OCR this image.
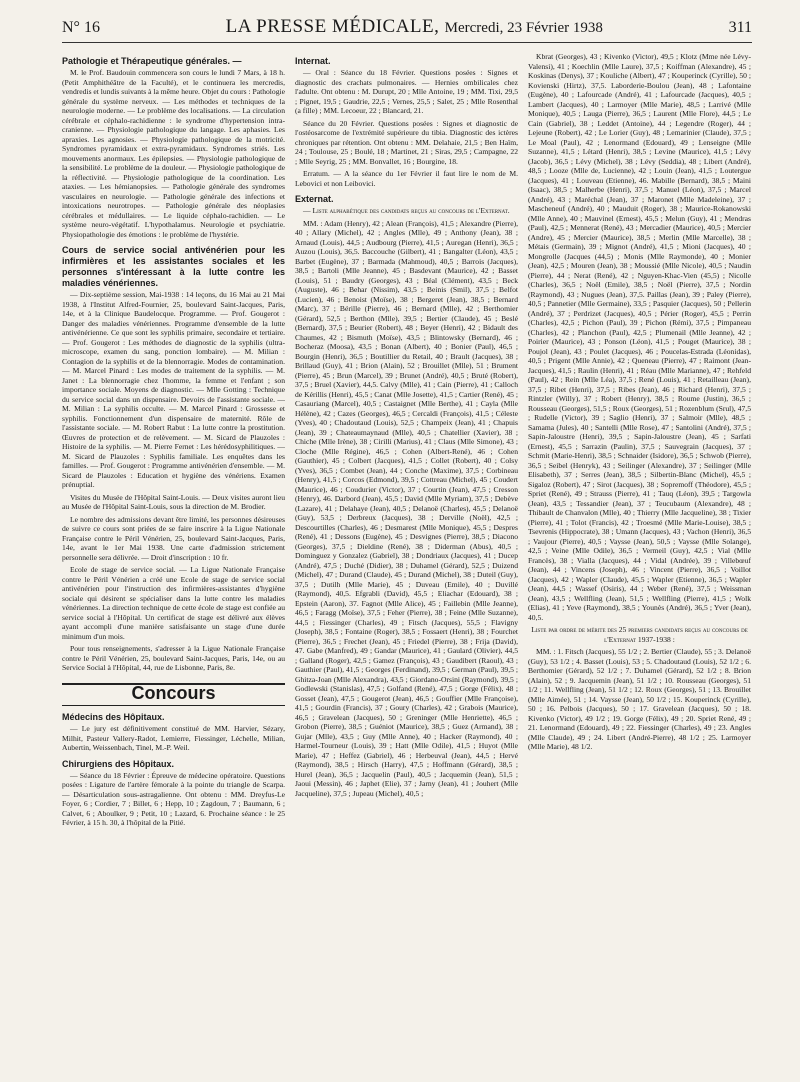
N° 16	LA PRESSE MÉDICALE, Mercredi, 23 Février 1938	311
Pathologie et Thérapeutique générales. —

M. le Prof. Baudouin commencera son cours le lundi 7 Mars, à 18 h. (Petit Amphithéâtre de la Faculté), et le continuera les mercredis, vendredis et lundis suivants à la même heure. Objet du cours : Pathologie générale du système nerveux. — Les méthodes et techniques de la neurologie moderne. — Le problème des localisations. — La circulation cérébrale et céphalo-rachidienne : le syndrome d'hypertension intra-cranienne. — Physiologie pathologique du langage. Les aphasies. Les apraxies. Les agnosies. — Physiologie pathologique de la motricité. Syndromes pyramidaux et extra-pyramidaux. Syndromes striés. Les mouvements anormaux. Les épilepsies. — Physiologie pathologique de la sensibilité. Le problème de la douleur. — Physiologie pathologique de la réflectivité. — Physiologie pathologique de la coordination. Les ataxies. — Les hémianopsies. — Pathologie générale des syndromes vasculaires en neurologie. — Pathologie générale des infections et intoxications neurotropes. — Pathologie générale des néoplasies cérébrales et médullaires. — Le liquide céphalo-rachidien. — Le système neuro-végétatif. L'hypothalamus. Neurologie et psychiatrie. Physiopathologie des émotions : le problème de l'hystérie.

Cours de service social antivénérien pour les infirmières et les assistantes sociales et les personnes s'intéressant à la lutte contre les maladies vénériennes.

— Dix-septième session, Mai-1938 : 14 leçons, du 16 Mai au 21 Mai 1938, à l'Institut Alfred-Fournier, 25, boulevard Saint-Jacques, Paris, 14e, et à la Clinique Baudelocque. Programme. — Prof. Gougerot : Danger des maladies vénériennes. Programme d'ensemble de la lutte antivénérienne. Ce que sont les syphilis primaire, secondaire et tertiaire. — Prof. Gougerot : Les méthodes de diagnostic de la syphilis (ultra-microscope, examen du sang, ponction lombaire). — M. Milian : Contagion de la syphilis et de la blennorragie. Modes de contamination. — M. Marcel Pinard : Les modes de traitement de la syphilis. — M. Janet : La blennorragie chez l'homme, la femme et l'enfant ; son importance sociale. Moyens de diagnostic. — Mlle Gotting : Technique du service social dans un dispensaire. Devoirs de l'assistante sociale. — M. Milian : La syphilis occulte. — M. Marcel Pinard : Grossesse et syphilis. Fonctionnement d'un dispensaire de maternité. Rôle de l'assistante sociale. — M. Robert Rabut : La lutte contre la prostitution. Œuvres de protection et de relèvement. — M. Sicard de Plauzoles : Histoire de la syphilis. — M. Pierre Fernet : Les hérédosyphilitiques. — M. Sicard de Plauzoles : Syphilis familiale. Les enquêtes dans les familles. — Prof. Gougerot : Programme antivénérien d'ensemble. — M. Sicard de Plauzoles : Education et hygiène des vénériens. Examen prénuptial.

Visites du Musée de l'Hôpital Saint-Louis. — Deux visites auront lieu au Musée de l'Hôpital Saint-Louis, sous la direction de M. Brodier.

Le nombre des admissions devant être limité, les personnes désireuses de suivre ce cours sont priées de se faire inscrire à la Ligue Nationale Française contre le Péril Vénérien, 25, boulevard Saint-Jacques, Paris, 14e, avant le 1er Mai 1938. Une carte d'admission strictement personnelle sera délivrée. — Droit d'inscription : 10 fr.

Ecole de stage de service social. — La Ligue Nationale Française contre le Péril Vénérien a créé une Ecole de stage de service social antivénérien pour l'instruction des infirmières-assistantes d'hygiène sociale qui désirent se spécialiser dans la lutte contre les maladies vénériennes. La direction technique de cette école de stage est confiée au service social à l'Hôpital. Un certificat de stage est délivré aux élèves ayant accompli d'une manière satisfaisante un stage d'une durée minimum d'un mois.

Pour tous renseignements, s'adresser à la Ligue Nationale Française contre le Péril Vénérien, 25, boulevard Saint-Jacques, Paris, 14e, ou au Service Social à l'Hôpital, 44, rue de Lisbonne, Paris, 8e.

Concours
Médecins des Hôpitaux.

— Le jury est définitivement constitué de MM. Harvier, Sézary, Milhit, Pasteur Vallery-Radot, Lemierre, Fiessinger, Léchelle, Milian, Aubertin, Weissenbach, Tinel, M.-P. Weil.

Chirurgiens des Hôpitaux.

— Séance du 18 Février : Épreuve de médecine opératoire. Questions posées : Ligature de l'artère fémorale à la pointe du triangle de Scarpa. — Désarticulation sous-astragalienne. Ont obtenu : MM. Dreyfus-Le Foyer, 6 ; Cordier, 7 ; Billet, 6 ; Hepp, 10 ; Zagdoun, 7 ; Baumann, 6 ; Calvet, 6 ; Aboulker, 9 ; Petit, 10 ; Lazard, 6. Prochaine séance : le 25 Février, à 15 h. 30, à l'hôpital de la Pitié.

Internat.

— Oral : Séance du 18 Février. Questions posées : Signes et diagnostic des crachats pulmonaires. — Hernies ombilicales chez l'adulte. Ont obtenu : M. Durupt, 20 ; Mlle Antoine, 19 ; MM. Tixi, 29,5 ; Pignet, 19,5 ; Gaudrie, 22,5 ; Vernes, 25,5 ; Salet, 25 ; Mlle Rosenthal (a fille) ; MM. Lecoeur, 22 ; Blancard, 21.

Séance du 20 Février. Questions posées : Signes et diagnostic de l'ostéosarcome de l'extrémité supérieure du tibia. Diagnostic des ictères chroniques par rétention. Ont obtenu : MM. Delahaie, 21,5 ; Ben Haïm, 24 ; Toulouse, 25 ; Boulé, 18 ; Martinet, 21 ; Siras, 29,5 ; Campagne, 22 ; Mlle Seyrig, 25 ; MM. Bonvallet, 16 ; Bourgine, 18.

Erratum. — A la séance du 1er Février il faut lire le nom de M. Lebovici et non Leibovici.

Externat.

— Liste alphabétique des candidats reçus au concours de l'Externat.

MM. : Adam (Henry), 42 ; Alean (François), 41,5 ; Alexandre (Pierre), 40 ; Allary (Michel), 42 ; Angles (Mlle), 49 ; Anthony (Jean), 38 ; Arnaud (Louis), 44,5 ; Audbourg (Pierre), 41,5 ; Auregan (Henri), 36,5 ; Auzou (Louis), 36,5. Baccouche (Gilbert), 41 ; Bangalter (Léon), 43,5 ; Barbet (Eugène), 37 ; Barmada (Mahmoud), 40,5 ; Barrois (Jacques), 38,5 ; Bartoli (Mlle Jeanne), 45 ; Basdevant (Maurice), 42 ; Basset (Louis), 51 ; Baudry (Georges), 43 ; Béal (Clément), 43,5 ; Beck (Auguste), 46 ; Behar (Nissim), 43,5 ; Beinis (Smil), 37,5 ; Belfot (Lucien), 46 ; Benoist (Moïse), 38 ; Bergeret (Jean), 38,5 ; Bernard (Marc), 37 ; Bérille (Pierre), 46 ; Bernard (Mlle), 42 ; Berthomier (Gérard), 52,5 ; Berthon (Mlle), 39,5 ; Bertier (Claude), 45 ; Beslé (Bernard), 37,5 ; Beurier (Robert), 48 ; Beyer (Henri), 42 ; Bidault des Chaumes, 42 ; Bismuth (Moïse), 43,5 ; Blintowsky (Bernard), 46 ; Bocheraz (Moosa), 43,5 ; Bonan (Albert), 40 ; Bonier (Paul), 46,5 ; Bourgin (Henri), 36,5 ; Boutillier du Retail, 40 ; Brault (Jacques), 38 ; Brillaud (Guy), 41 ; Brion (Alain), 52 ; Brouillet (Mlle), 51 ; Brument (Pierre), 45 ; Brun (Marcel), 39 ; Brunet (André), 40,5 ; Bruté (Robert), 37,5 ; Bruel (Xavier), 44,5. Calvy (Mlle), 41 ; Cain (Pierre), 41 ; Calloch de Kérillis (Henri), 45,5 ; Canat (Mlle Josette), 41,5 ; Cartier (René), 45 ; Casauriang (Marcel), 40,5 ; Castaignet (Mlle Berthe), 41 ; Cayla (Mlle Hélène), 42 ; Cazes (Georges), 46,5 ; Cercaldi (François), 41,5 ; Céleste (Yves), 40 ; Chadoutaud (Louis), 52,5 ; Champeix (Jean), 41 ; Chapuis (Jean), 39 ; Chateaumaynaud (Mlle), 40,5 ; Chatellier (Xavier), 38 ; Chiche (Mlle Irène), 38 ; Cirilli (Marius), 41 ; Claus (Mlle Simone), 43 ; Cloche (Mlle Régine), 46,5 ; Cohen (Albert-René), 46 ; Cohen (Gauthier), 45 ; Colbert (Jacques), 41,5 ; Collet (Robert), 40 ; Colsy (Yves), 36,5 ; Combet (Jean), 44 ; Conche (Maxime), 37,5 ; Corbineau (Henry), 41,5 ; Corcos (Edmond), 39,5 ; Cottreau (Michel), 45 ; Coudert (Maurice), 46 ; Coudurier (Victor), 37 ; Courtin (Jean), 47,5 ; Cresson (Henry), 46. Darbord (Jean), 45,5 ; David (Mlle Myriam), 37,5 ; Debève (Lazare), 41 ; Delahaye (Jean), 40,5 ; Delanoë (Charles), 45,5 ; Delanoë (Guy), 53,5 ; Derbreux (Jacques), 38 ; Derville (Noël), 42,5 ; Descourtilles (Charles), 46 ; Desmarest (Mlle Monique), 45,5 ; Despres (René), 41 ; Dessons (Eugène), 45 ; Desvignes (Pierre), 38,5 ; Diacono (Georges), 37,5 ; Dieldine (René), 38 ; Diderman (Abus), 40,5 ; Dominguez y Gonzalez (Gabriel), 38 ; Dondriaux (Jacques), 41 ; Ducep (André), 47,5 ; Duché (Didier), 38 ; Duhamel (Gérard), 52,5 ; Duizend (Michel), 47 ; Durand (Claude), 45 ; Durand (Michel), 38 ; Duteil (Guy), 37,5 ; Dutilh (Mlle Marie), 45 ; Duveau (Emile), 40 ; Duvillé (Raymond), 40,5. Efgrabli (David), 45,5 ; Eliachar (Edouard), 38 ; Epstein (Aaron), 37. Fagnot (Mlle Alice), 45 ; Faillebin (Mlle Jeanne), 46,5 ; Faragg (Moïse), 37,5 ; Feher (Pierre), 38 ; Feine (Mlle Suzanne), 44,5 ; Fiessinger (Charles), 49 ; Fitsch (Jacques), 55,5 ; Flavigny (Joseph), 38,5 ; Fontaine (Roger), 38,5 ; Fossaert (Henri), 38 ; Fourchet (Pierre), 36,5 ; Frechet (Jean), 45 ; Friedel (Pierre), 38 ; Frija (David), 47. Gabe (Manfred), 49 ; Gandar (Maurice), 41 ; Gaulard (Olivier), 44,5 ; Galland (Roger), 42,5 ; Gamez (François), 43 ; Gaudibert (Raoul), 43 ; Gauthier (Paul), 41,5 ; Georges (Ferdinand), 39,5 ; German (Paul), 39,5 ; Ghitza-Joan (Mlle Alexandra), 43,5 ; Giordano-Orsini (Raymond), 39,5 ; Godlewski (Stanislas), 47,5 ; Golfand (René), 47,5 ; Gorge (Félix), 48 ; Gosset (Jean), 47,5 ; Gougerot (Jean), 46,5 ; Gouffier (Mlle Françoise), 41,5 ; Gourdin (Francis), 37 ; Goury (Charles), 42 ; Grabois (Maurice), 46,5 ; Gravelean (Jacques), 50 ; Greninger (Mlle Henriette), 46,5 ; Grobon (Pierre), 38,5 ; Guéniot (Maurice), 38,5 ; Guez (Armand), 38 ; Gujar (Mlle), 43,5 ; Guy (Mlle Anne), 40 ; Hacker (Raymond), 40 ; Harmel-Tourneur (Louis), 39 ; Hatt (Mlle Odile), 41,5 ; Huyot (Mlle Marie), 47 ; Heffez (Gabriel), 46 ; Herbeuval (Jean), 44,5 ; Hervé (Raymond), 38,5 ; Hirsch (Harry), 47,5 ; Hoffmann (Gérard), 38,5 ; Hurel (Jean), 36,5 ; Jacquelin (Paul), 40,5 ; Jacquemin (Jean), 51,5 ; Jaoui (Messin), 46 ; Japhet (Elie), 37 ; Jarny (Jean), 41 ; Jouhert (Mlle Jacqueline), 37,5 ; Jupeau (Michel), 40,5 ;

Kbrat (Georges), 43 ; Kivenko (Victor), 49,5 ; Klotz (Mme née Lévy-Valensi), 41 ; Koechlin (Mlle Laure), 37,5 ; Koiffman (Alexandre), 45 ; Koskinas (Denys), 37 ; Kouliche (Albert), 47 ; Kouperinck (Cyrille), 50 ; Kovienski (Hirtz), 37,5. Laborderie-Boulou (Jean), 48 ; Lafontaine (Eugène), 40 ; Lafourcade (André), 41 ; Lafourcade (Jacques), 40,5 ; Lambert (Jacques), 40 ; Larmoyer (Mlle Marie), 48,5 ; Larrivé (Mlle Monique), 40,5 ; Lauga (Pierre), 36,5 ; Laurent (Mlle Flore), 44,5 ; Le Cain (Gabriel), 38 ; Leddet (Antoine), 44 ; Legendre (Roger), 44 ; Lejeune (Robert), 42 ; Le Lorier (Guy), 48 ; Lemarinier (Claude), 37,5 ; Le Moal (Paul), 42 ; Lenormand (Edouard), 49 ; Lenseigne (Mlle Suzanne), 41,5 ; Létard (Henri), 38,5 ; Levine (Maurice), 41,5 ; Lévy (Jacob), 36,5 ; Lévy (Michel), 38 ; Lévy (Seddia), 48 ; Libert (André), 48,5 ; Looze (Mlle de, Lucienne), 42 ; Louin (Jean), 41,5 ; Loutergue (Jacques), 41 ; Louveau (Etienne), 46. Mabille (Bernard), 38,5 ; Maini (Isaac), 38,5 ; Malherbe (Henri), 37,5 ; Manuel (Léon), 37,5 ; Marcel (André), 43 ; Maréchal (Jean), 37 ; Maronet (Mlle Madeleine), 37 ; Mascheneuf (André), 40 ; Mauduit (Roger), 38 ; Maurice-Rokanowski (Mlle Anne), 40 ; Mauvinel (Ernest), 45,5 ; Melun (Guy), 41 ; Mendras (Paul), 42,5 ; Mennerat (René), 43 ; Mercadier (Maurice), 40,5 ; Mercier (Andre), 45 ; Mercier (Maurice), 38,5 ; Merlin (Mlle Marcelle), 38 ; Métais (Germain), 39 ; Mignot (André), 41,5 ; Mioni (Jacques), 40 ; Mongrolle (Jacques (44,5) ; Monis (Mlle Raymonde), 40 ; Monier (Jean), 42,5 ; Mouren (Jean), 38 ; Moussié (Mlle Nicole), 40,5 ; Naudin (Pierre), 44 ; Nerat (René), 42 ; Nguyen-Khac-Vien (45,5) ; Nicolle (Charles), 36,5 ; Noël (Emile), 38,5 ; Noël (Pierre), 37,5 ; Nordin (Raymond), 43 ; Nugues (Jean), 37,5. Paillas (Jean), 39 ; Paley (Pierre), 40,5 ; Pannetier (Mlle Germaine), 33,5 ; Pasquier (Jacques), 50 ; Pellerin (André), 37 ; Perdrizet (Jacques), 40,5 ; Périer (Roger), 45,5 ; Perrin (Charles), 42,5 ; Pichon (Paul), 39 ; Pichon (Rémi), 37,5 ; Pimpaneau (Charles), 42 ; Planchon (Paul), 42,5 ; Plumenail (Mlle Jeanne), 42 ; Poirier (Maurice), 43 ; Ponson (Léon), 41,5 ; Pouget (Maurice), 38 ; Poujol (Jean), 43 ; Poulet (Jacques), 46 ; Poucelas-Estrada (Léonidas), 40,5 ; Prigent (Mlle Annie), 42 ; Queneau (Pierre), 47 ; Raimont (Jean-Jacques), 41,5 ; Raulin (Henri), 41 ; Réau (Mlle Marianne), 47 ; Rehfeld (Paul), 42 ; Rein (Mlle Léa), 37,5 ; René (Louis), 41 ; Retailleau (Jean), 37,5 ; Ribet (Henri), 37,5 ; Ribes (Jean), 46 ; Richard (Henri), 37,5 ; Rintzler (Willy), 37 ; Robert (Henry), 38,5 ; Roume (Justin), 36,5 ; Rousseau (Georges), 51,5 ; Roux (Georges), 51 ; Rozenblum (Srul), 47,5 ; Rudelle (Victor), 39 ; Saglio (Henri), 37 ; Salmoir (Mlle), 48,5 ; Samama (Jules), 40 ; Santelli (Mlle Rose), 47 ; Santolini (André), 37,5 ; Sapin-Jaloustre (Henri), 39,5 ; Sapin-Jaloustre (Jean), 45 ; Sarfati (Ernest), 45,5 ; Sarrazin (Paulin), 37,5 ; Sauvegrain (Jacques), 37 ; Schmit (Marie-Henri), 38,5 ; Schnaider (Isidore), 36,5 ; Schwob (Pierre), 36,5 ; Seibel (Henryk), 43 ; Seilinger (Alexandre), 37 ; Seilinger (Mlle Elisabeth), 37 ; Serres (Jean), 38,5 ; Silbertin-Blanc (Michel), 45,5 ; Sigaloz (Robert), 47 ; Sirot (Jacques), 38 ; Sopremoff (Théodore), 45,5 ; Spriet (René), 49 ; Strauss (Pierre), 41 ; Tauq (Léon), 39,5 ; Targowla (Jean), 43,5 ; Tessandier (Jean), 37 ; Teucubaum (Alexandre), 48 ; Thibault de Chanvalon (Mlle), 40 ; Thierry (Mlle Jacqueline), 38 ; Tixier (Pierre), 41 ; Tolot (Francis), 42 ; Troesmé (Mlle Marie-Louise), 38,5 ; Tsevrenis (Hippocrate), 38 ; Umann (Jacques), 43 ; Vachon (Henri), 36,5 ; Vaujour (Pierre), 40,5 ; Vaysse (Jean), 50,5 ; Vaysse (Mlle Solange), 42,5 ; Veine (Mlle Odile), 36,5 ; Vermeil (Guy), 42,5 ; Vial (Mlle Francès), 38 ; Vialla (Jacques), 44 ; Vidal (Andrée), 39 ; Villebœuf (Jean), 44 ; Vincens (Joseph), 46 ; Vincent (Pierre), 36,5 ; Voillot (Jacques), 42 ; Wapler (Claude), 45,5 ; Wapler (Etienne), 36,5 ; Wapler (Jean), 44,5 ; Wassef (Osiris), 44 ; Weber (René), 37,5 ; Weissman (Jean), 43,5 ; Wellfling (Jean), 51,5 ; Wellfling (Pierre), 41,5 ; Wolk (Elias), 41 ; Yeve (Raymond), 38,5 ; Younès (André), 36,5 ; Yver (Jean), 40,5.

Liste par ordre de mérite des 25 premiers candidats reçus au concours de l'Externat 1937-1938 :

MM. : 1. Fitsch (Jacques), 55 1/2 ; 2. Bertier (Claude), 55 ; 3. Delanoë (Guy), 53 1/2 ; 4. Basset (Louis), 53 ; 5. Chadoutaud (Louis), 52 1/2 ; 6. Berthomier (Gérard), 52 1/2 ; 7. Duhamel (Gérard), 52 1/2 ; 8. Brion (Alain), 52 ; 9. Jacquemin (Jean), 51 1/2 ; 10. Rousseau (Georges), 51 1/2 ; 11. Wellfling (Jean), 51 1/2 ; 12. Roux (Georges), 51 ; 13. Brouillet (Mlle Aimée), 51 ; 14. Vaysse (Jean), 50 1/2 ; 15. Kouperinck (Cyrille), 50 ; 16. Pelbois (Jacques), 50 ; 17. Gravelean (Jacques), 50 ; 18. Kivenko (Victor), 49 1/2 ; 19. Gorge (Félix), 49 ; 20. Spriet René, 49 ; 21. Lenormand (Edouard), 49 ; 22. Fiessinger (Charles), 49 ; 23. Angles (Mlle Claude), 49 ; 24. Libert (André-Pierre), 48 1/2 ; 25. Larmoyer (Mlle Marie), 48 1/2.
